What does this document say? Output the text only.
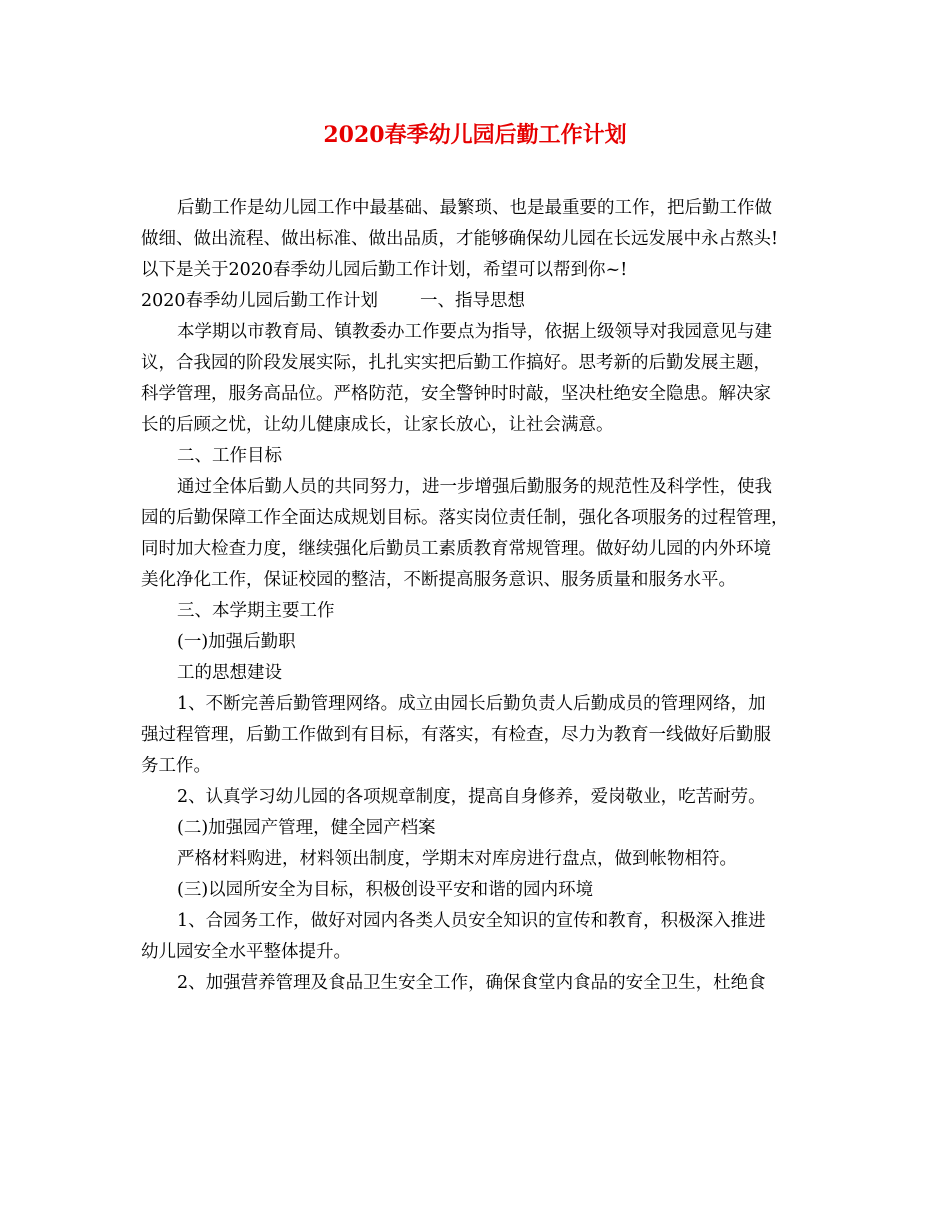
2020春季幼儿园后勤工作计划

后勤工作是幼儿园工作中最基础、最繁琐、也是最重要的工作，把后勤工作做

做细、做出流程、做出标准、做出品质，才能够确保幼儿园在长远发展中永占熬头!

以下是关于2020春季幼儿园后勤工作计划，希望可以帮到你~!

2020春季幼儿园后勤工作计划 一、指导思想

本学期以市教育局、镇教委办工作要点为指导，依据上级领导对我园意见与建

议，合我园的阶段发展实际，扎扎实实把后勤工作搞好。思考新的后勤发展主题，

科学管理，服务高品位。严格防范，安全警钟时时敲，坚决杜绝安全隐患。解决家

长的后顾之忧，让幼儿健康成长，让家长放心，让社会满意。

二、工作目标

通过全体后勤人员的共同努力，进一步增强后勤服务的规范性及科学性，使我

园的后勤保障工作全面达成规划目标。落实岗位责任制，强化各项服务的过程管理，

同时加大检查力度，继续强化后勤员工素质教育常规管理。做好幼儿园的内外环境

美化净化工作，保证校园的整洁，不断提高服务意识、服务质量和服务水平。

三、本学期主要工作

(一)加强后勤职

工的思想建设

1、不断完善后勤管理网络。成立由园长后勤负责人后勤成员的管理网络，加

强过程管理，后勤工作做到有目标，有落实，有检查，尽力为教育一线做好后勤服

务工作。

2、认真学习幼儿园的各项规章制度，提高自身修养，爱岗敬业，吃苦耐劳。

(二)加强园产管理，健全园产档案

严格材料购进，材料领出制度，学期末对库房进行盘点，做到帐物相符。

(三)以园所安全为目标，积极创设平安和谐的园内环境

1、合园务工作，做好对园内各类人员安全知识的宣传和教育，积极深入推进

幼儿园安全水平整体提升。

2、加强营养管理及食品卫生安全工作，确保食堂内食品的安全卫生，杜绝食
